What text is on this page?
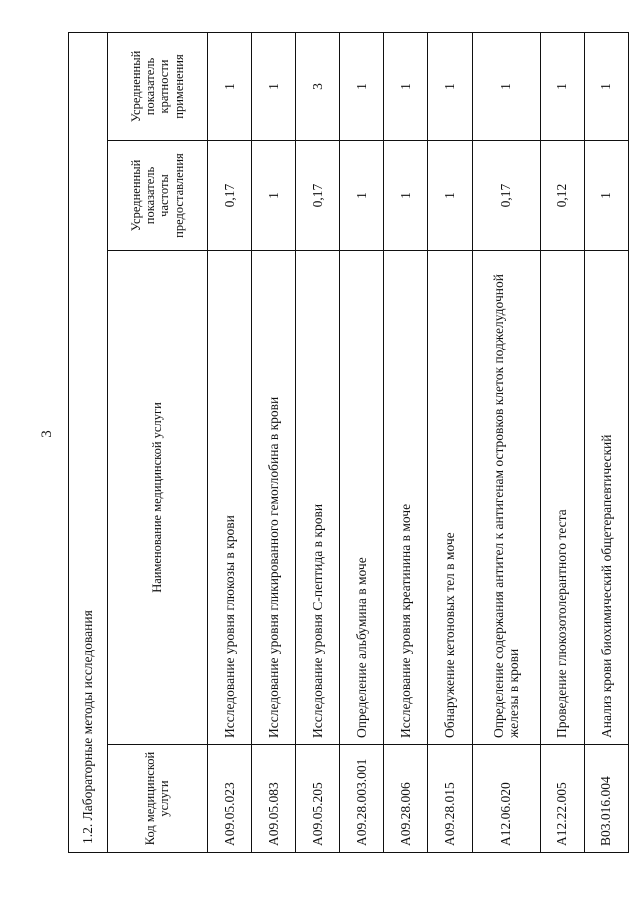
3
1.2. Лабораторные методы исследования			
Код медицинской услуги	Наименование медицинской услуги	Усредненный показатель частоты предоставления	Усредненный показатель кратности применения
A09.05.023	Исследование уровня глюкозы в крови	0,17	1
A09.05.083	Исследование уровня гликированного гемоглобина в крови	1	1
A09.05.205	Исследование уровня С-пептида в крови	0,17	3
A09.28.003.001	Определение альбумина в моче	1	1
A09.28.006	Исследование уровня креатинина в моче	1	1
A09.28.015	Обнаружение кетоновых тел в моче	1	1
A12.06.020	Определение содержания антител к антигенам островков клеток поджелудочной железы в крови	0,17	1
A12.22.005	Проведение глюкозотолерантного теста	0,12	1
B03.016.004	Анализ крови биохимический общетерапевтический	1	1
